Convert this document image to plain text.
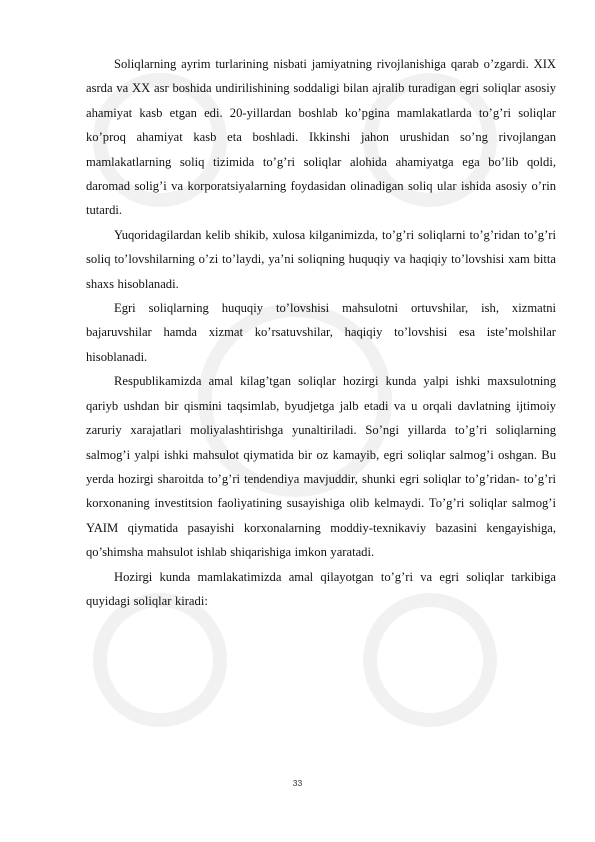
Soliqlarning ayrim turlarining nisbati jamiyatning rivojlanishiga qarab o’zgardi. XIX asrda va XX asr boshida undirilishining soddaligi bilan ajralib turadigan egri soliqlar asosiy ahamiyat kasb etgan edi. 20-yillardan boshlab ko’pgina mamlakatlarda to’g’ri soliqlar ko’proq ahamiyat kasb eta boshladi. Ikkinshi jahon urushidan so’ng rivojlangan mamlakatlarning soliq tizimida to’g’ri soliqlar alohida ahamiyatga ega bo’lib qoldi, daromad solig’i va korporatsiyalarning foydasidan olinadigan soliq ular ishida asosiy o’rin tutardi.

Yuqoridagilardan kelib shikib, xulosa kilganimizda, to’g’ri soliqlarni to’g’ridan to’g’ri soliq to’lovshilarning o’zi to’laydi, ya’ni soliqning huquqiy va haqiqiy to’lovshisi xam bitta shaxs hisoblanadi.

Egri soliqlarning huquqiy to’lovshisi mahsulotni ortuvshilar, ish, xizmatni bajaruvshilar hamda xizmat ko’rsatuvshilar, haqiqiy to’lovshisi esa iste’molshilar hisoblanadi.

Respublikamizda amal kilag’tgan soliqlar hozirgi kunda yalpi ishki maxsulotning qariyb ushdan bir qismini taqsimlab, byudjetga jalb etadi va u orqali davlatning ijtimoiy zaruriy xarajatlari moliyalashtirishga yunaltiriladi. So’ngi yillarda to’g’ri soliqlarning salmog’i yalpi ishki mahsulot qiymatida bir oz kamayib, egri soliqlar salmog’i oshgan. Bu yerda hozirgi sharoitda to’g’ri tendendiya mavjuddir, shunki egri soliqlar to’g’ridan- to’g’ri korxonaning investitsion faoliyatining susayishiga olib kelmaydi. To’g’ri soliqlar salmog’i YAIM qiymatida pasayishi korxonalarning moddiy-texnikaviy bazasini kengayishiga, qo’shimsha mahsulot ishlab shiqarishiga imkon yaratadi.

Hozirgi kunda mamlakatimizda amal qilayotgan to’g’ri va egri soliqlar tarkibiga quyidagi soliqlar kiradi:

33
